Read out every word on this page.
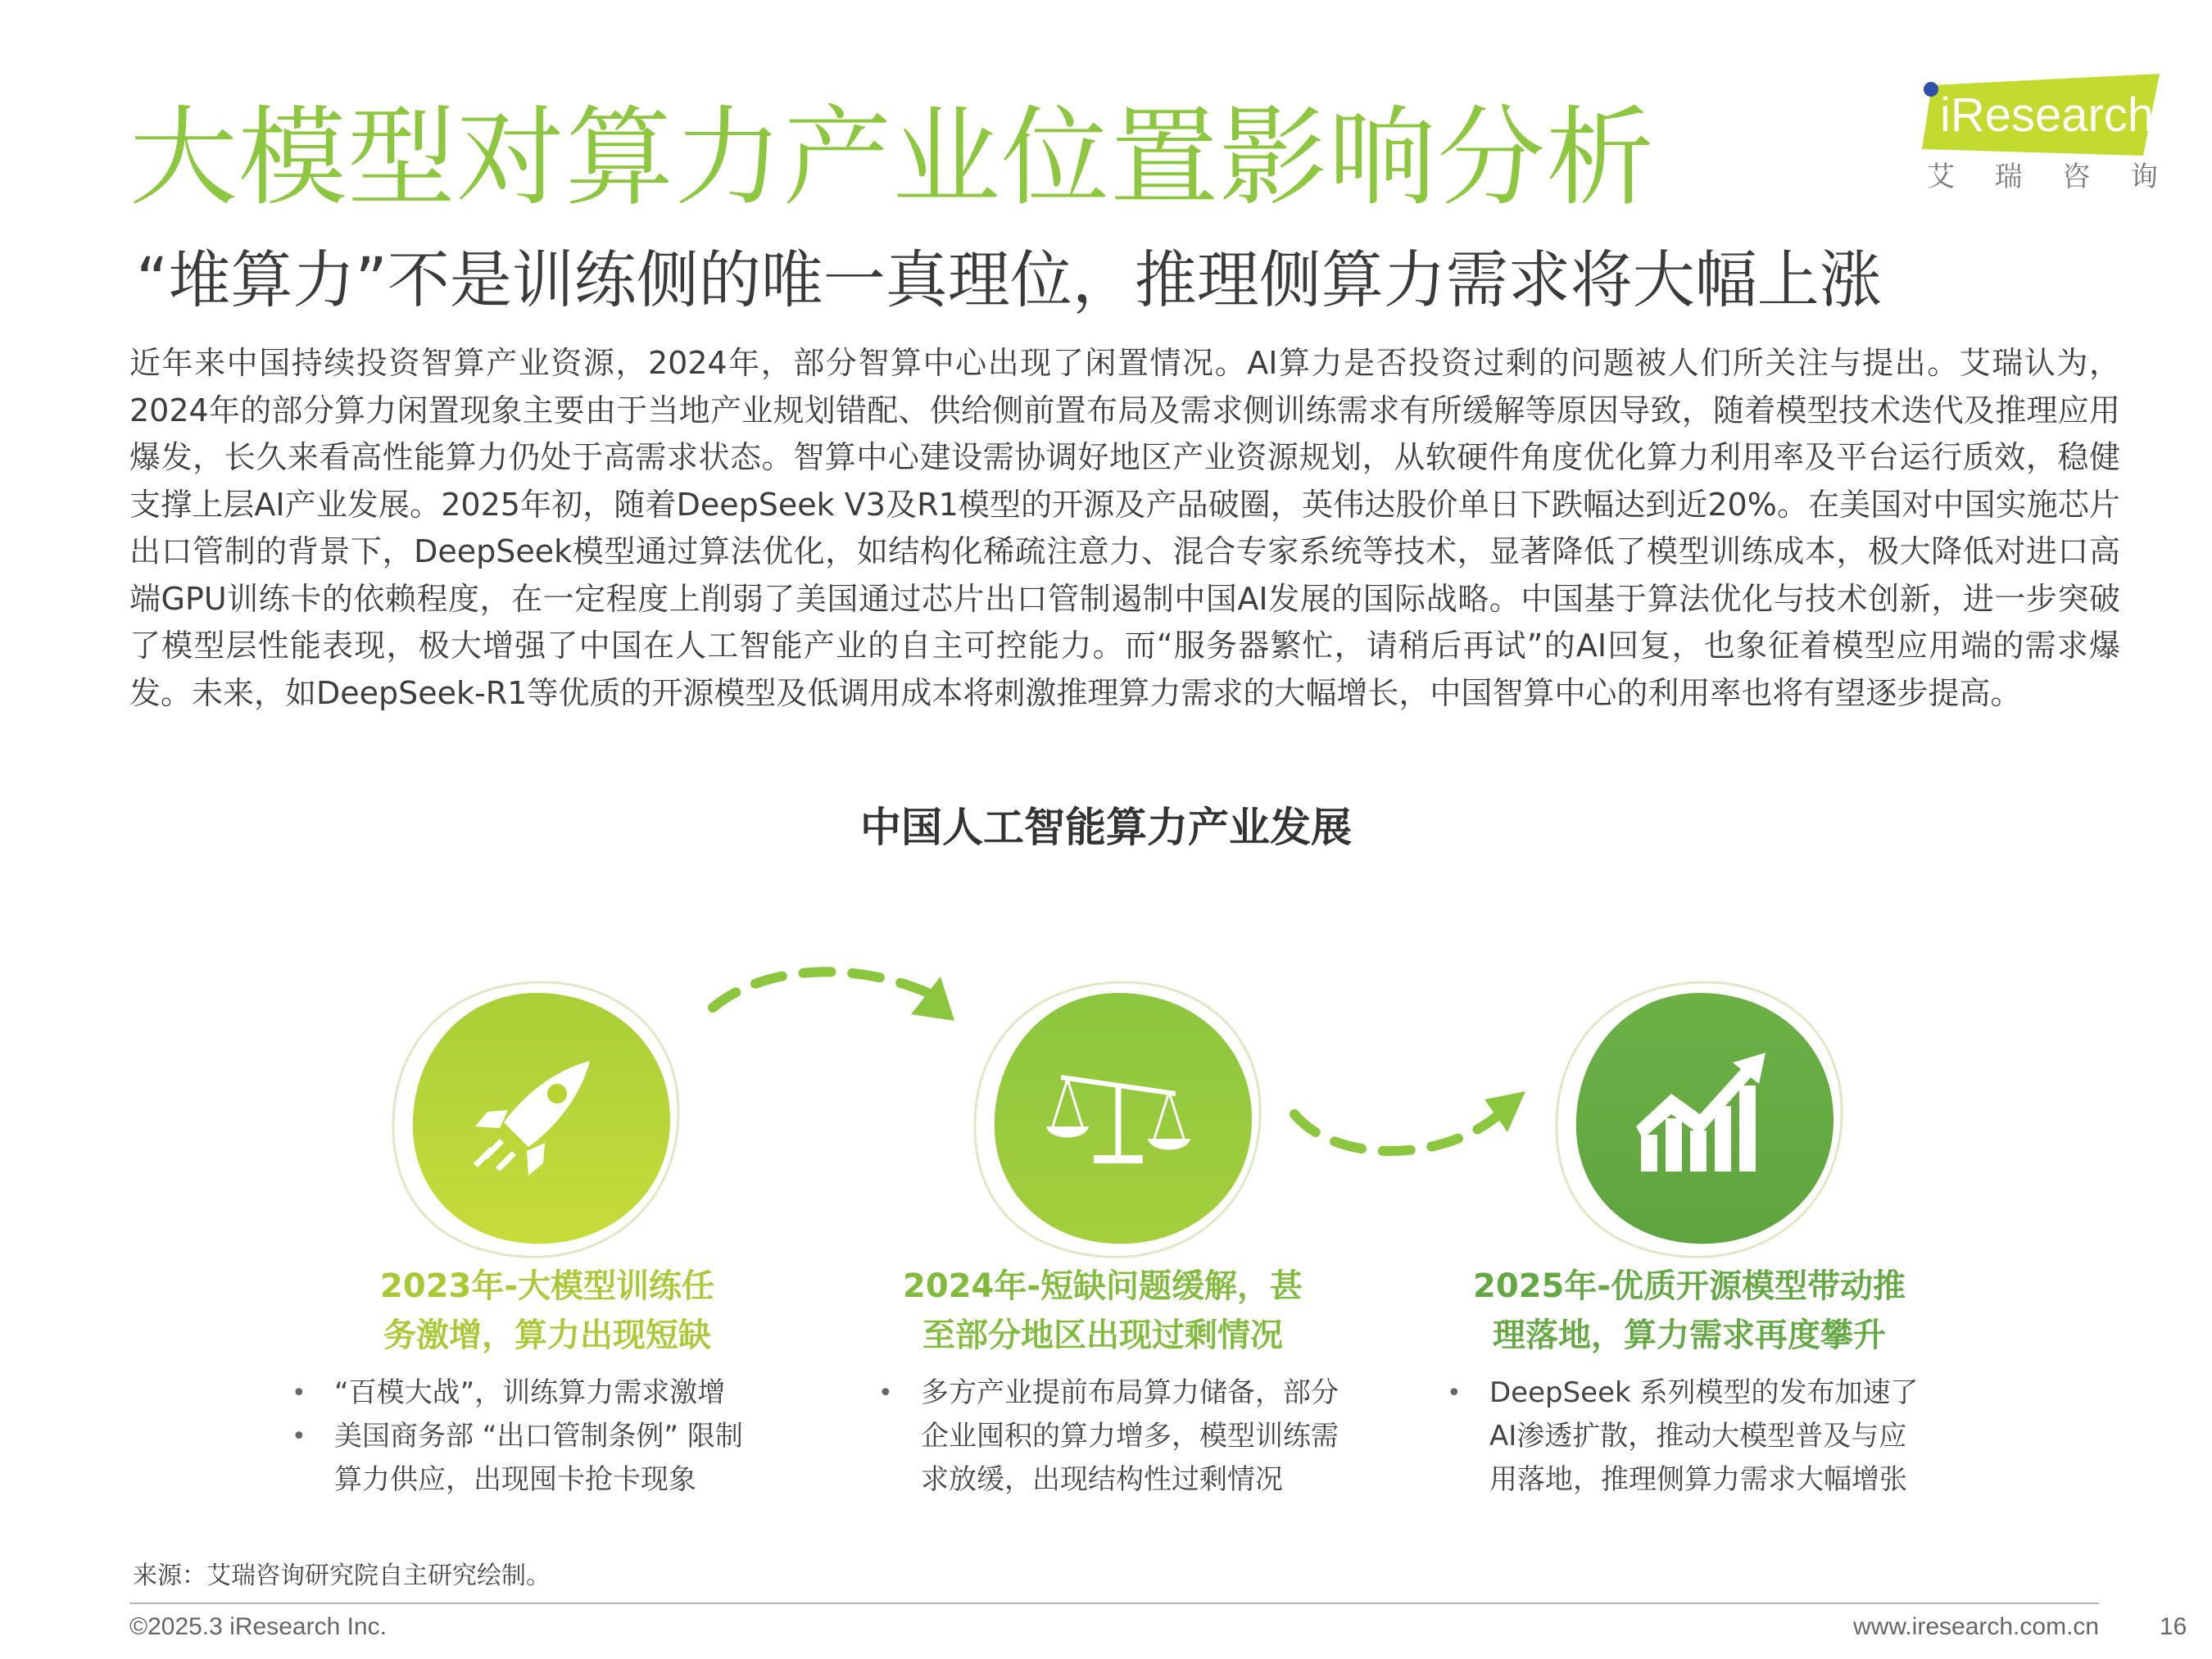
大模型对算力产业位置影响分析
“堆算力”不是训练侧的唯一真理位，推理侧算力需求将大幅上涨
iResearch
艾 瑞 咨 询

近年来中国持续投资智算产业资源，2024年，部分智算中心出现了闲置情况。AI算力是否投资过剩的问题被人们所关注与提出。艾瑞认为，2024年的部分算力闲置现象主要由于当地产业规划错配、供给侧前置布局及需求侧训练需求有所缓解等原因导致，随着模型技术迭代及推理应用爆发，长久来看高性能算力仍处于高需求状态。智算中心建设需协调好地区产业资源规划，从软硬件角度优化算力利用率及平台运行质效，稳健支撑上层AI产业发展。2025年初，随着DeepSeek V3及R1模型的开源及产品破圈，英伟达股价单日下跌幅达到近20%。在美国对中国实施芯片出口管制的背景下，DeepSeek模型通过算法优化，如结构化稀疏注意力、混合专家系统等技术，显著降低了模型训练成本，极大降低对进口高端GPU训练卡的依赖程度，在一定程度上削弱了美国通过芯片出口管制遏制中国AI发展的国际战略。中国基于算法优化与技术创新，进一步突破了模型层性能表现，极大增强了中国在人工智能产业的自主可控能力。而“服务器繁忙，请稍后再试”的AI回复，也象征着模型应用端的需求爆发。未来，如DeepSeek-R1等优质的开源模型及低调用成本将刺激推理算力需求的大幅增长，中国智算中心的利用率也将有望逐步提高。

中国人工智能算力产业发展

2023年-大模型训练任

务激增，算力出现短缺

• “百模大战”，训练算力需求激增
• 美国商务部 “出口管制条例” 限制
算力供应，出现囤卡抢卡现象

2024年-短缺问题缓解，甚

至部分地区出现过剩情况

• 多方产业提前布局算力储备，部分
企业囤积的算力增多，模型训练需
求放缓，出现结构性过剩情况

2025年-优质开源模型带动推

理落地，算力需求再度攀升

• DeepSeek 系列模型的发布加速了
AI渗透扩散，推动大模型普及与应
用落地，推理侧算力需求大幅增张

来源：艾瑞咨询研究院自主研究绘制。

©2025.3 iResearch Inc.	www.iresearch.com.cn 16
